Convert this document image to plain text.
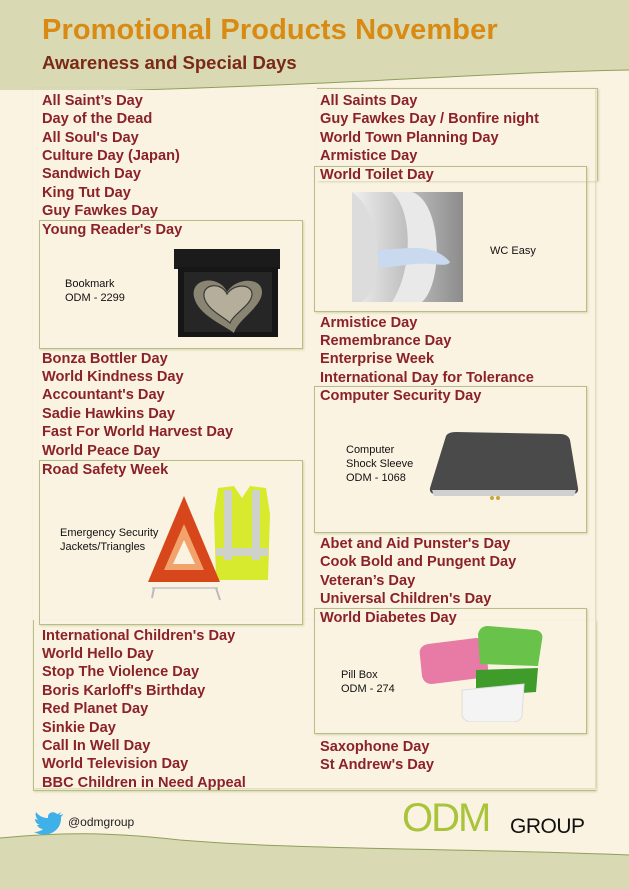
Promotional Products November
Awareness and Special Days
All Saint’s Day
Day of the Dead
All Soul's Day
Culture Day (Japan)
Sandwich Day
King Tut Day
Guy Fawkes Day
Young Reader's Day
Bookmark
ODM - 2299
Bonza Bottler Day
World Kindness Day
Accountant's Day
Sadie Hawkins Day
Fast For World Harvest Day
World Peace Day
Road Safety Week
Emergency Security
Jackets/Triangles
International Children's Day
World Hello Day
Stop The Violence Day
Boris Karloff's Birthday
Red Planet Day
Sinkie Day
Call In Well Day
World Television Day
BBC Children in Need Appeal
All Saints Day
Guy Fawkes Day / Bonfire night
World Town Planning Day
Armistice Day
World Toilet Day
WC Easy
Armistice Day
Remembrance Day
Enterprise Week
International Day for Tolerance
Computer Security Day
Computer
Shock Sleeve
ODM - 1068
Abet and Aid Punster's Day
Cook Bold and Pungent Day
Veteran’s Day
Universal Children's Day
World Diabetes Day
Pill Box
ODM - 274
Saxophone Day
St Andrew's Day
@odmgroup	ODM GROUP
